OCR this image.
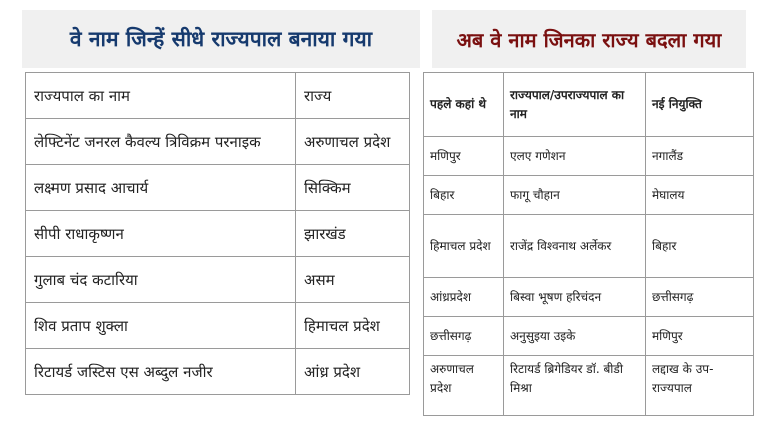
वे नाम जिन्हें सीधे राज्यपाल बनाया गया	अब वे नाम जिनका राज्य बदला गया
राज्यपाल का नाम	राज्य
लेफ्टिनेंट जनरल कैवल्य त्रिविक्रम परनाइक	अरुणाचल प्रदेश
लक्ष्मण प्रसाद आचार्य	सिक्किम
सीपी राधाकृष्णन	झारखंड
गुलाब चंद कटारिया	असम
शिव प्रताप शुक्ला	हिमाचल प्रदेश
रिटायर्ड जस्टिस एस अब्दुल नजीर	आंध्र प्रदेश
पहले कहां थे	राज्यपाल/उपराज्यपाल का नाम	नई नियुक्ति
मणिपुर	एलए गणेशन	नगालैंड
बिहार	फागू चौहान	मेघालय
हिमाचल प्रदेश	राजेंद्र विश्वनाथ अर्लेकर	बिहार
आंध्रप्रदेश	बिस्वा भूषण हरिचंदन	छत्तीसगढ़
छत्तीसगढ़	अनुसुइया उइके	मणिपुर
अरुणाचल प्रदेश	रिटायर्ड ब्रिगेडियर डॉ. बीडी मिश्रा	लद्दाख के उप-राज्यपाल
